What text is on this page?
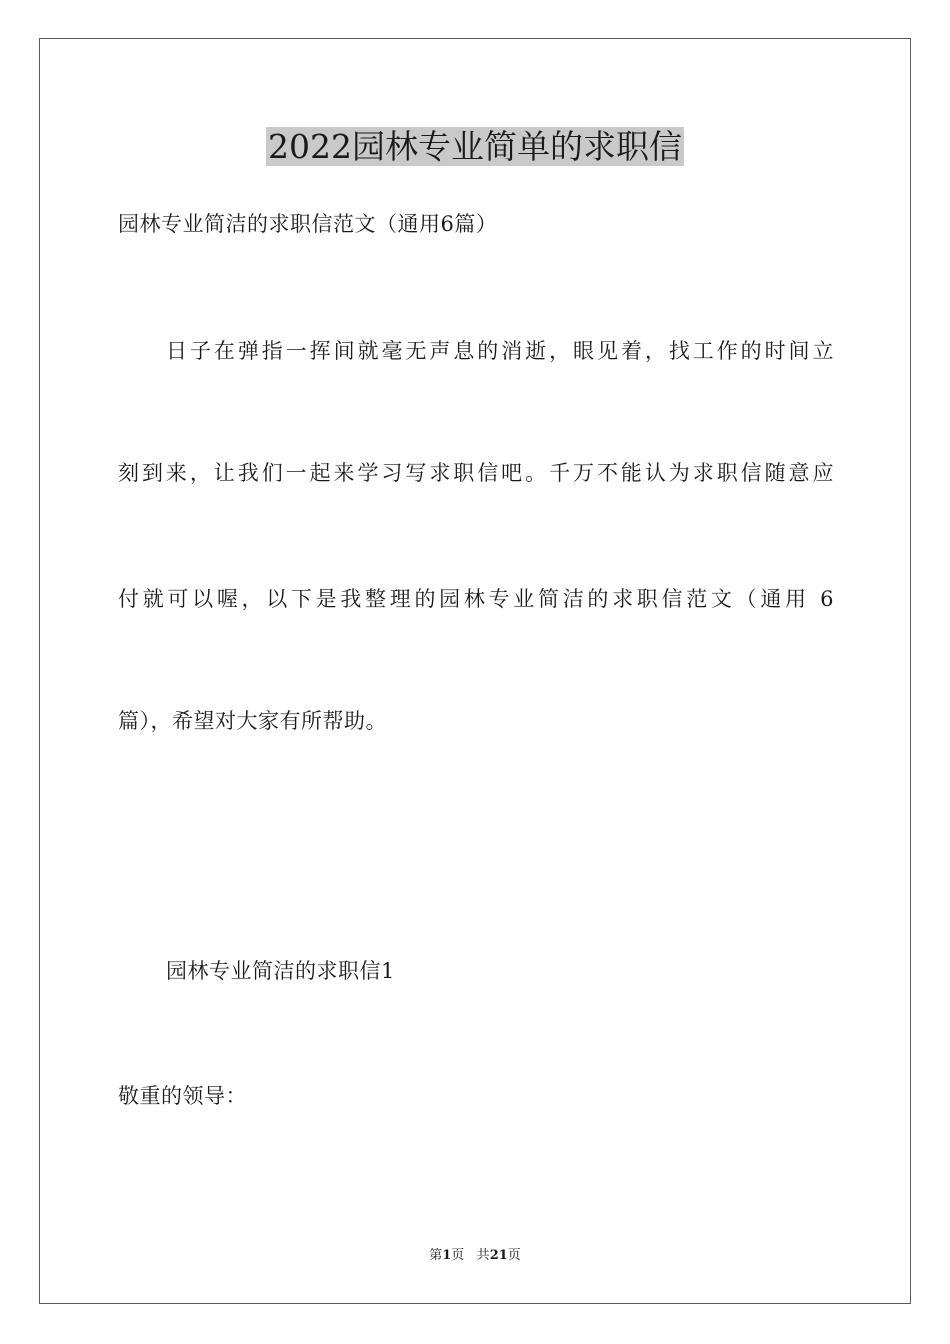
2022园林专业简单的求职信
园林专业简洁的求职信范文（通用6篇）
日子在弹指一挥间就毫无声息的消逝，眼见着，找工作的时间立
刻到来，让我们一起来学习写求职信吧。千万不能认为求职信随意应
付就可以喔，以下是我整理的园林专业简洁的求职信范文（通用 6
篇），希望对大家有所帮助。
园林专业简洁的求职信1
敬重的领导：
第1页 共21页
